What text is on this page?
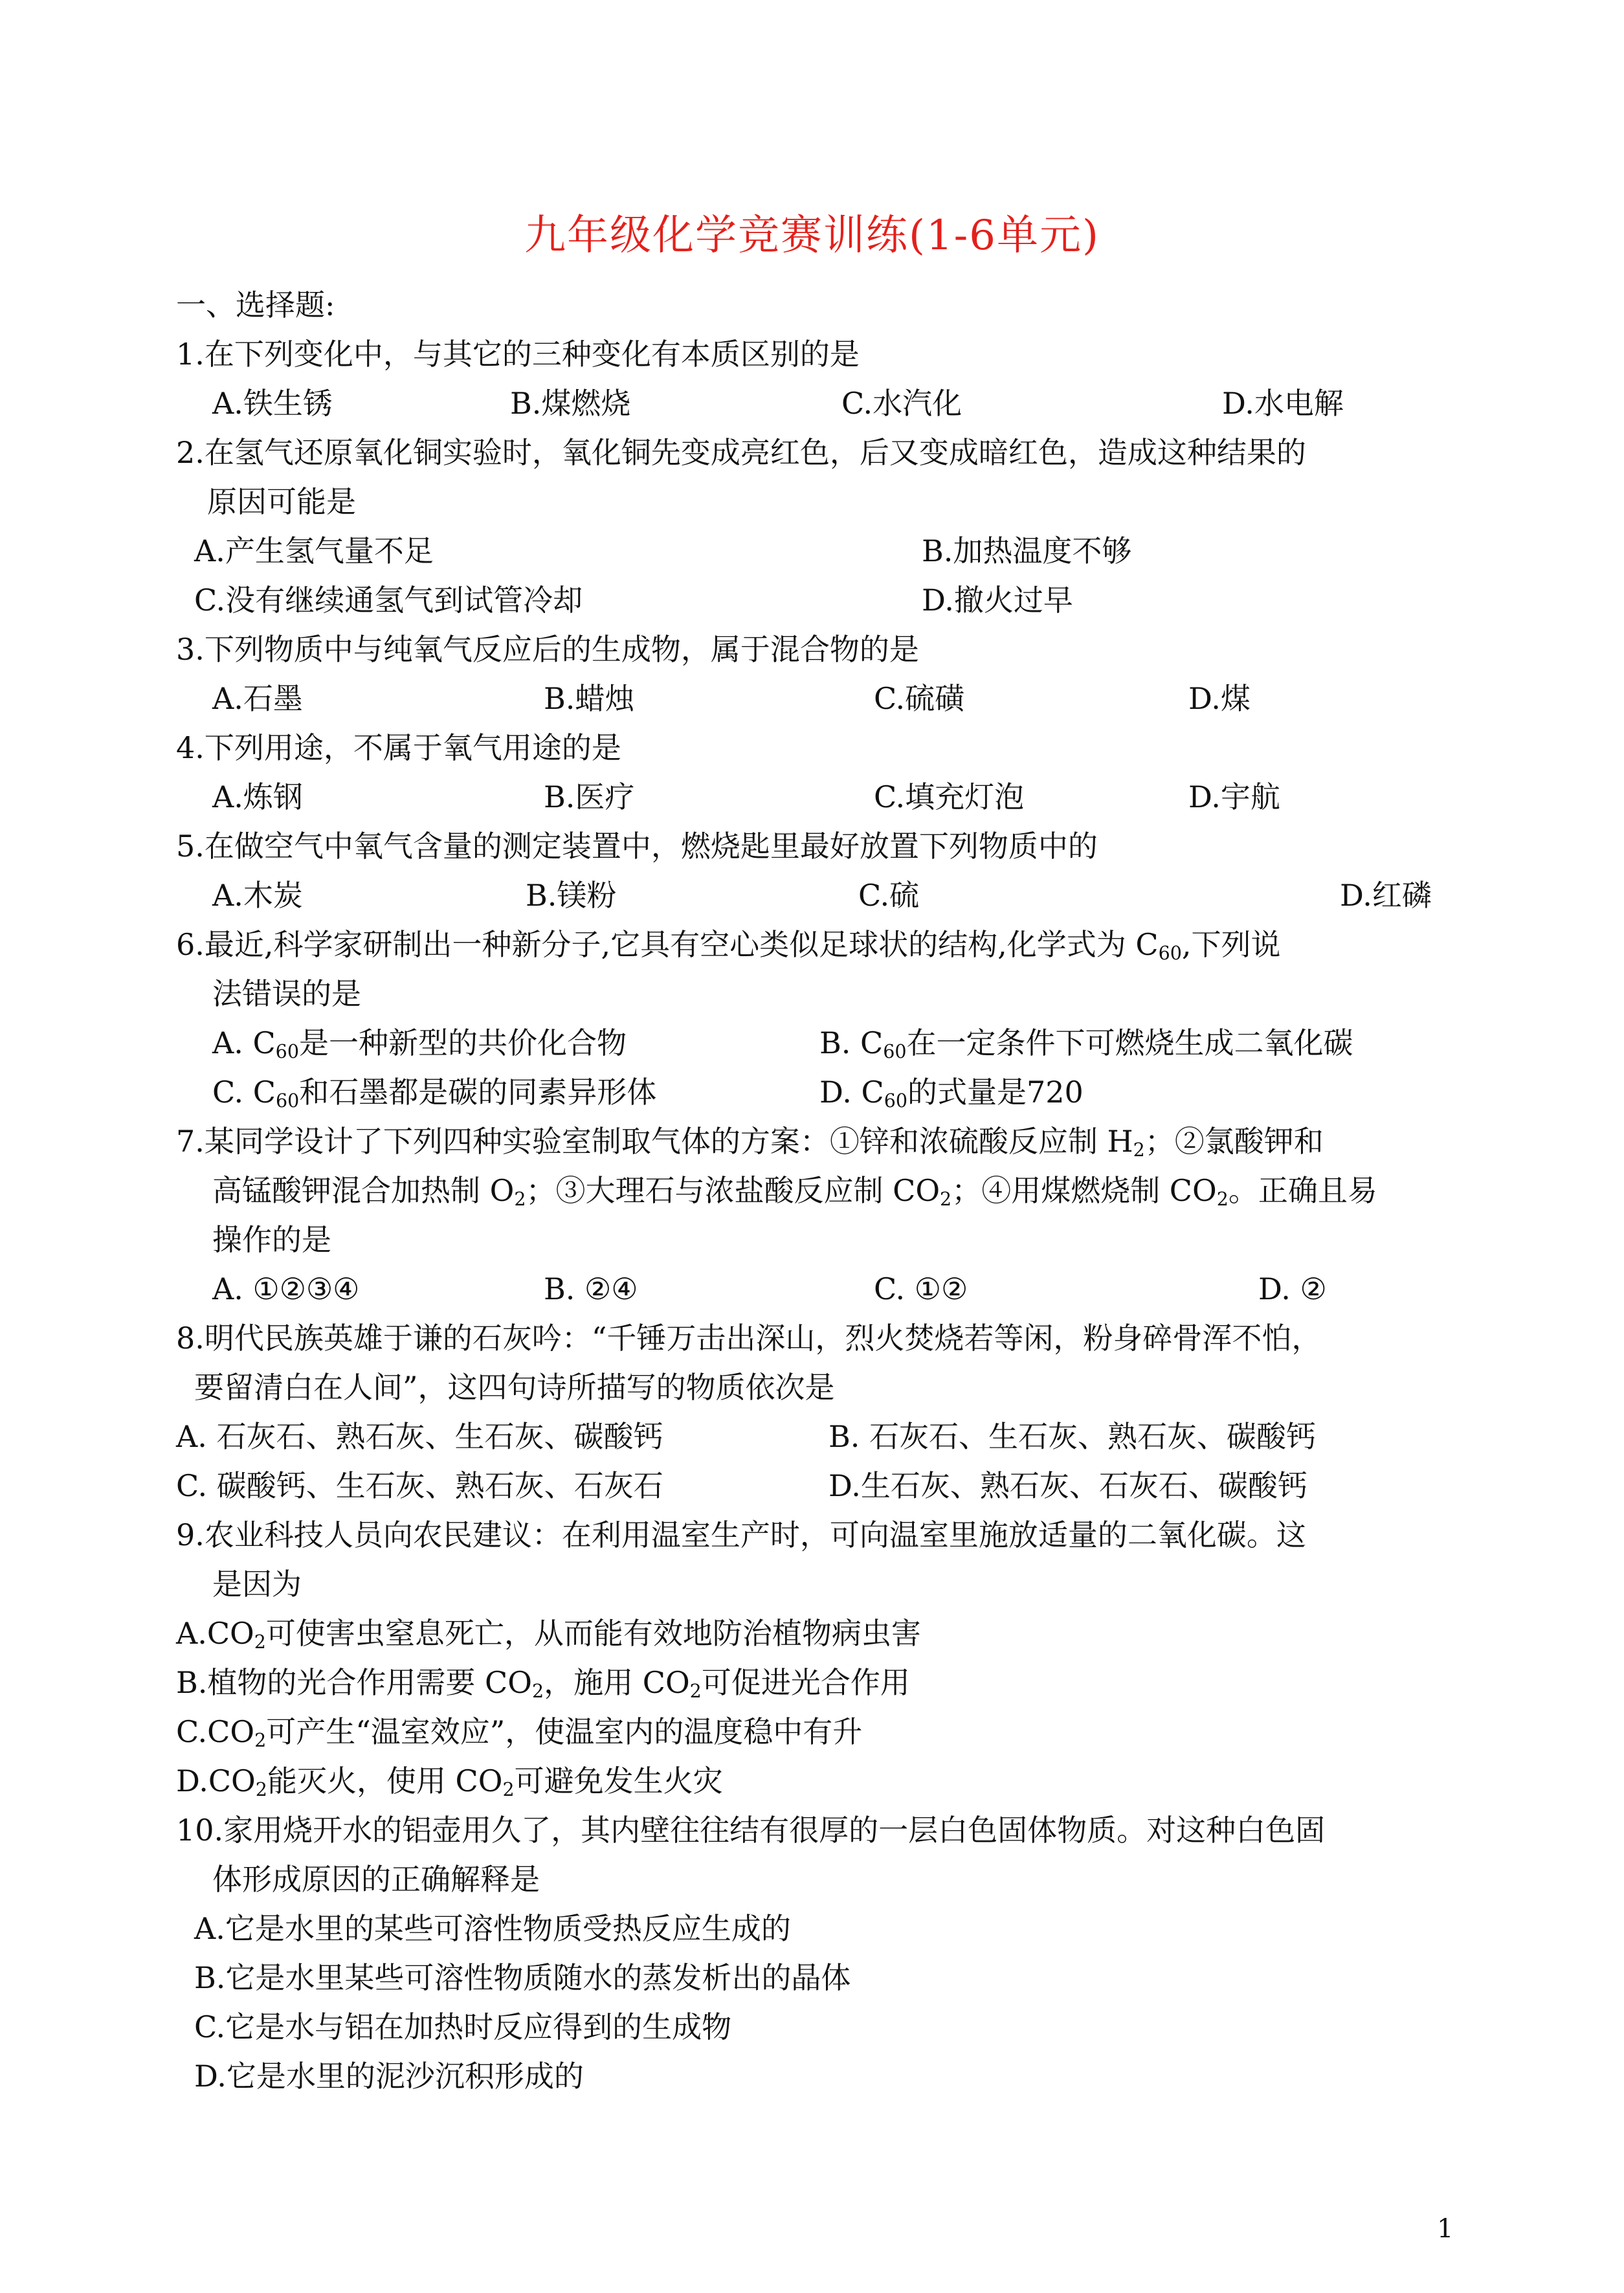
九年级化学竞赛训练(1-6单元)
一、选择题:
1.在下列变化中，与其它的三种变化有本质区别的是
A.铁生锈	B.煤燃烧	C.水汽化	D.水电解
2.在氢气还原氧化铜实验时，氧化铜先变成亮红色，后又变成暗红色，造成这种结果的
原因可能是
A.产生氢气量不足	B.加热温度不够
C.没有继续通氢气到试管冷却	D.撤火过早
3.下列物质中与纯氧气反应后的生成物，属于混合物的是
A.石墨	B.蜡烛	C.硫磺	D.煤
4.下列用途，不属于氧气用途的是
A.炼钢	B.医疗	C.填充灯泡	D.宇航
5.在做空气中氧气含量的测定装置中，燃烧匙里最好放置下列物质中的
A.木炭	B.镁粉	C.硫	D.红磷
6.最近,科学家研制出一种新分子,它具有空心类似足球状的结构,化学式为 $C_{60}$,下列说
法错误的是
A. $C_{60}$是一种新型的共价化合物	B. $C_{60}$在一定条件下可燃烧生成二氧化碳
C. $C_{60}$和石墨都是碳的同素异形体	D. $C_{60}$的式量是720
7.某同学设计了下列四种实验室制取气体的方案：①锌和浓硫酸反应制 $H_2$；②氯酸钾和
高锰酸钾混合加热制 $O_2$；③大理石与浓盐酸反应制 $CO_2$；④用煤燃烧制 $CO_2$。正确且易
操作的是
A. ①②③④	B. ②④	C. ①②	D. ②
8.明代民族英雄于谦的石灰吟：“千锤万击出深山，烈火焚烧若等闲，粉身碎骨浑不怕，
要留清白在人间”，这四句诗所描写的物质依次是
A. 石灰石、熟石灰、生石灰、碳酸钙	B. 石灰石、生石灰、熟石灰、碳酸钙
C. 碳酸钙、生石灰、熟石灰、石灰石	D.生石灰、熟石灰、石灰石、碳酸钙
9.农业科技人员向农民建议：在利用温室生产时，可向温室里施放适量的二氧化碳。这
是因为
$A.CO_2$可使害虫窒息死亡，从而能有效地防治植物病虫害
B.植物的光合作用需要 $CO_2$，施用 $CO_2$可促进光合作用
$C.CO_2$可产生“温室效应”，使温室内的温度稳中有升
$D.CO_2$能灭火，使用 $CO_2$可避免发生火灾
10.家用烧开水的铝壶用久了，其内壁往往结有很厚的一层白色固体物质。对这种白色固
体形成原因的正确解释是
A.它是水里的某些可溶性物质受热反应生成的
B.它是水里某些可溶性物质随水的蒸发析出的晶体
C.它是水与铝在加热时反应得到的生成物
D.它是水里的泥沙沉积形成的
1
